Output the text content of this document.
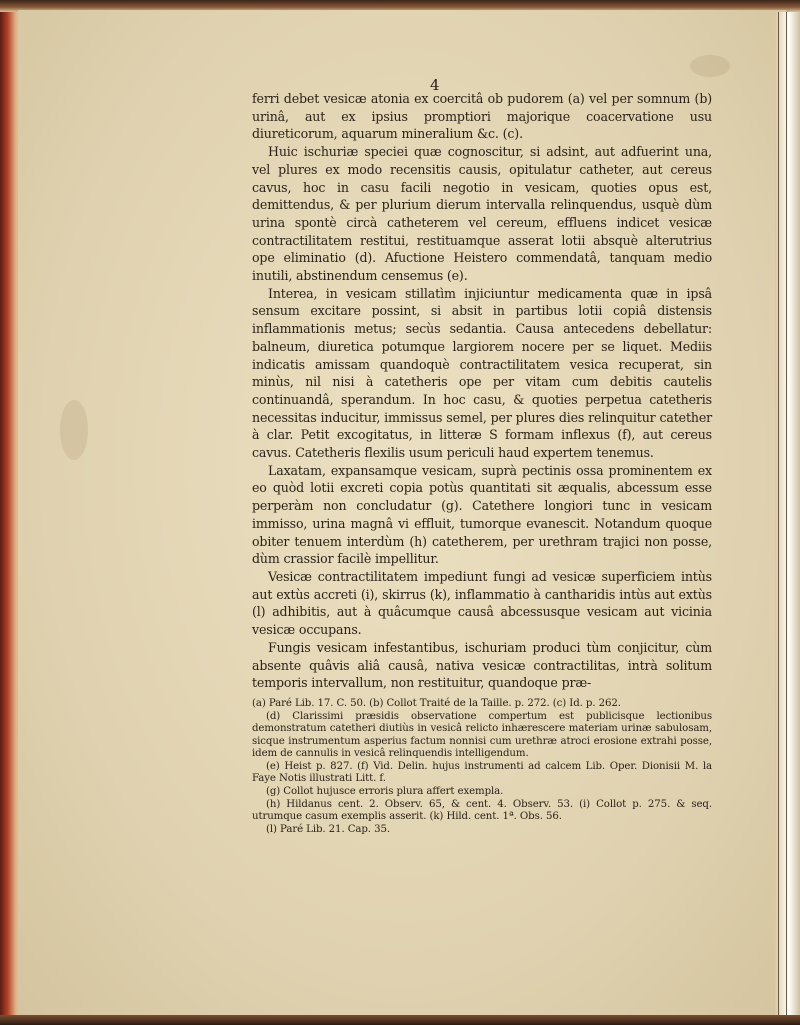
4

ferri debet vesicæ atonia ex coercitâ ob pudorem (a) vel per somnum (b) urinâ, aut ex ipsius promptiori majorique coacervatione usu diureticorum, aquarum mineralium &c. (c).

Huic ischuriæ speciei quæ cognoscitur, si adsint, aut adfuerint una, vel plures ex modo recensitis causis, opitulatur catheter, aut cereus cavus, hoc in casu facili negotio in vesicam, quoties opus est, demittendus, & per plurium dierum intervalla relinquendus, usquè dùm urina spontè circà catheterem vel cereum, effluens indicet vesicæ contractilitatem restitui, restituamque asserat lotii absquè alterutrius ope eliminatio (d). Afuctione Heistero commendatâ, tanquam medio inutili, abstinendum censemus (e).

Interea, in vesicam stillatìm injiciuntur medicamenta quæ in ipsâ sensum excitare possint, si absit in partibus lotii copiâ distensis inflammationis metus; secùs sedantia. Causa antecedens debellatur: balneum, diuretica potumque largiorem nocere per se liquet. Mediis indicatis amissam quandoquè contractilitatem vesica recuperat, sin minùs, nil nisi à catetheris ope per vitam cum debitis cautelis continuandâ, sperandum. In hoc casu, & quoties perpetua catetheris necessitas inducitur, immissus semel, per plures dies relinquitur catether à clar. Petit excogitatus, in litteræ S formam inflexus (f), aut cereus cavus. Catetheris flexilis usum periculi haud expertem tenemus.

Laxatam, expansamque vesicam, suprà pectinis ossa prominentem ex eo quòd lotii excreti copia potùs quantitati sit æqualis, abcessum esse perperàm non concludatur (g). Catethere longiori tunc in vesicam immisso, urina magnâ vi effluit, tumorque evanescit. Notandum quoque obiter tenuem interdùm (h) catetherem, per urethram trajici non posse, dùm crassior facilè impellitur.

Vesicæ contractilitatem impediunt fungi ad vesicæ superficiem intùs aut extùs accreti (i), skirrus (k), inflammatio à cantharidis intùs aut extùs (l) adhibitis, aut à quâcumque causâ abcessusque vesicam aut vicinia vesicæ occupans.

Fungis vesicam infestantibus, ischuriam produci tùm conjicitur, cùm absente quâvis aliâ causâ, nativa vesicæ contractilitas, intrà solitum temporis intervallum, non restituitur, quandoque præ-

(a) Paré Lib. 17. C. 50. (b) Collot Traité de la Taille. p. 272. (c) Id. p. 262.

(d) Clarissimi præsidis observatione compertum est publicisque lectionibus demonstratum catetheri diutiùs in vesicâ relicto inhærescere materiam urinæ sabulosam, sicque instrumentum asperius factum nonnisi cum urethræ atroci erosione extrahi posse, idem de cannulis in vesicâ relinquendis intelligendum.

(e) Heist p. 827. (f) Vid. Delin. hujus instrumenti ad calcem Lib. Oper. Dionisii M. la Faye Notis illustrati Litt. f.

(g) Collot hujusce erroris plura affert exempla.

(h) Hildanus cent. 2. Observ. 65, & cent. 4. Observ. 53. (i) Collot p. 275. & seq. utrumque casum exemplis asserit. (k) Hild. cent. 1ª. Obs. 56.

(l) Paré Lib. 21. Cap. 35.
